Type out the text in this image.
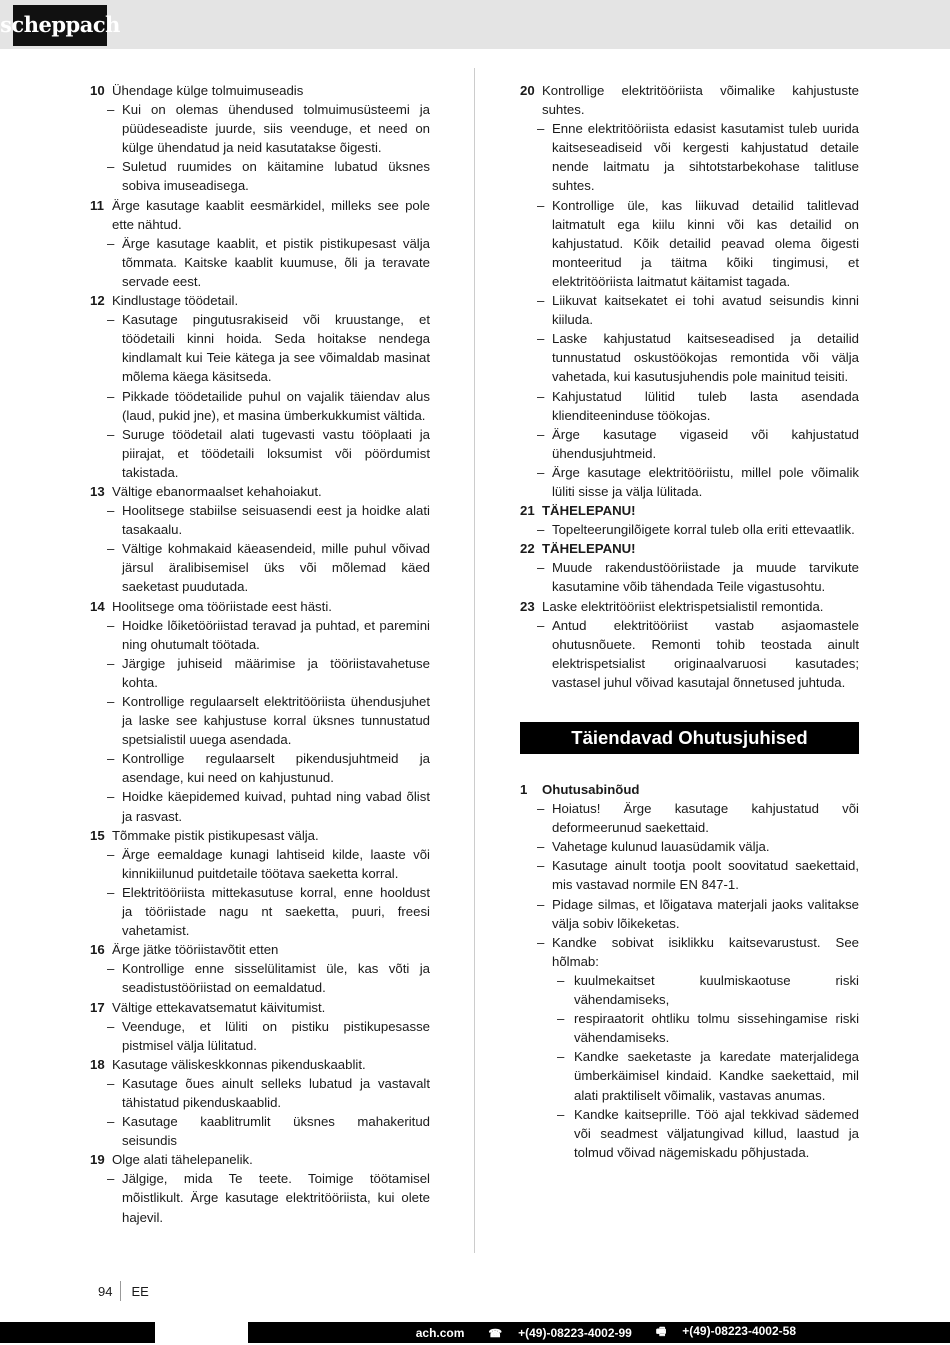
scheppach
10 Ühendage külge tolmuimuseadis
– Kui on olemas ühendused tolmuimusüsteemi ja püüdeseadiste juurde, siis veenduge, et need on külge ühendatud ja neid kasutatakse õigesti.
– Suletud ruumides on käitamine lubatud üksnes sobiva imuseadisega.
11 Ärge kasutage kaablit eesmärkidel, milleks see pole ette nähtud.
– Ärge kasutage kaablit, et pistik pistikupesast välja tõmmata. Kaitske kaablit kuumuse, õli ja teravate servade eest.
12 Kindlustage töödetail.
– Kasutage pingutusrakiseid või kruustange, et töödetaili kinni hoida. Seda hoitakse nendega kindlamalt kui Teie kätega ja see võimaldab masinat mõlema käega käsitseda.
– Pikkade töödetailide puhul on vajalik täiendav alus (laud, pukid jne), et masina ümberkukkumist vältida.
– Suruge töödetail alati tugevasti vastu tööplaati ja piirajat, et töödetaili loksumist või pöördumist takistada.
13 Vältige ebanormaalset kehahoiakut.
– Hoolitsege stabiilse seisuasendi eest ja hoidke alati tasakaalu.
– Vältige kohmakaid käeasendeid, mille puhul võivad järsul äralibisemisel üks või mõlemad käed saeketast puudutada.
14 Hoolitsege oma tööriistade eest hästi.
– Hoidke lõiketööriistad teravad ja puhtad, et paremini ning ohutumalt töötada.
– Järgige juhiseid määrimise ja tööriistavahetuse kohta.
– Kontrollige regulaarselt elektritööriista ühendusjuhet ja laske see kahjustuse korral üksnes tunnustatud spetsialistil uuega asendada.
– Kontrollige regulaarselt pikendusjuhtmeid ja asendage, kui need on kahjustunud.
– Hoidke käepidemed kuivad, puhtad ning vabad õlist ja rasvast.
15 Tõmmake pistik pistikupesast välja.
– Ärge eemaldage kunagi lahtiseid kilde, laaste või kinnikiilunud puitdetaile töötava saeketta korral.
– Elektritööriista mittekasutuse korral, enne hooldust ja tööriistade nagu nt saeketta, puuri, freesi vahetamist.
16 Ärge jätke tööriistavõtit etten
– Kontrollige enne sisselülitamist üle, kas võti ja seadistustööriistad on eemaldatud.
17 Vältige ettekavatsematut käivitumist.
– Veenduge, et lüliti on pistiku pistikupesasse pistmisel välja lülitatud.
18 Kasutage väliskeskkonnas pikenduskaablit.
– Kasutage õues ainult selleks lubatud ja vastavalt tähistatud pikenduskaablid.
– Kasutage kaablitrumlit üksnes mahakeritud seisundis
19 Olge alati tähelepanelik.
– Jälgige, mida Te teete. Toimige töötamisel mõistlikult. Ärge kasutage elektritööriista, kui olete hajevil.
20 Kontrollige elektritööriista võimalike kahjustuste suhtes.
– Enne elektritööriista edasist kasutamist tuleb uurida kaitseseadiseid või kergesti kahjustatud detaile nende laitmatu ja sihtotstarbekohase talitluse suhtes.
– Kontrollige üle, kas liikuvad detailid talitlevad laitmatult ega kiilu kinni või kas detailid on kahjustatud. Kõik detailid peavad olema õigesti monteeritud ja täitma kõiki tingimusi, et elektritööriista laitmatut käitamist tagada.
– Liikuvat kaitsekatet ei tohi avatud seisundis kinni kiiluda.
– Laske kahjustatud kaitseseadised ja detailid tunnustatud oskustöökojas remontida või välja vahetada, kui kasutusjuhendis pole mainitud teisiti.
– Kahjustatud lülitid tuleb lasta asendada klienditeeninduse töökojas.
– Ärge kasutage vigaseid või kahjustatud ühendusjuhtmeid.
– Ärge kasutage elektritööriistu, millel pole võimalik lüliti sisse ja välja lülitada.
21 TÄHELEPANU!
– Topelteerungilõigete korral tuleb olla eriti ettevaatlik.
22 TÄHELEPANU!
– Muude rakendustööriistade ja muude tarvikute kasutamine võib tähendada Teile vigastusohtu.
23 Laske elektritööriist elektrispetsialistil remontida.
– Antud elektritööriist vastab asjaomastele ohutusnõuete. Remonti tohib teostada ainult elektrispetsialist originaalvaruosi kasutades; vastasel juhul võivad kasutajal õnnetused juhtuda.
Täiendavad Ohutusjuhised
1 Ohutusabinõud
– Hoiatus! Ärge kasutage kahjustatud või deformeerunud saekettaid.
– Vahetage kulunud lauasüdamik välja.
– Kasutage ainult tootja poolt soovitatud saekettaid, mis vastavad normile EN 847-1.
– Pidage silmas, et lõigatava materjali jaoks valitakse välja sobiv lõikeketas.
– Kandke sobivat isiklikku kaitsevarustust. See hõlmab:
– kuulmekaitset kuulmiskaotuse riski vähendamiseks,
– respiraatorit ohtliku tolmu sissehingamise riski vähendamiseks.
– Kandke saeketaste ja karedate materjalidega ümberkäimisel kindaid. Kandke saekettaid, mil alati praktiliselt võimalik, vastavas anumas.
– Kandke kaitseprille. Töö ajal tekkivad sädemed või seadmest väljatungivad killud, laastud ja tolmud võivad nägemiskadu põhjustada.
94	EE
ach.com	☎ +(49)-08223-4002-99	🖷 +(49)-08223-4002-58
